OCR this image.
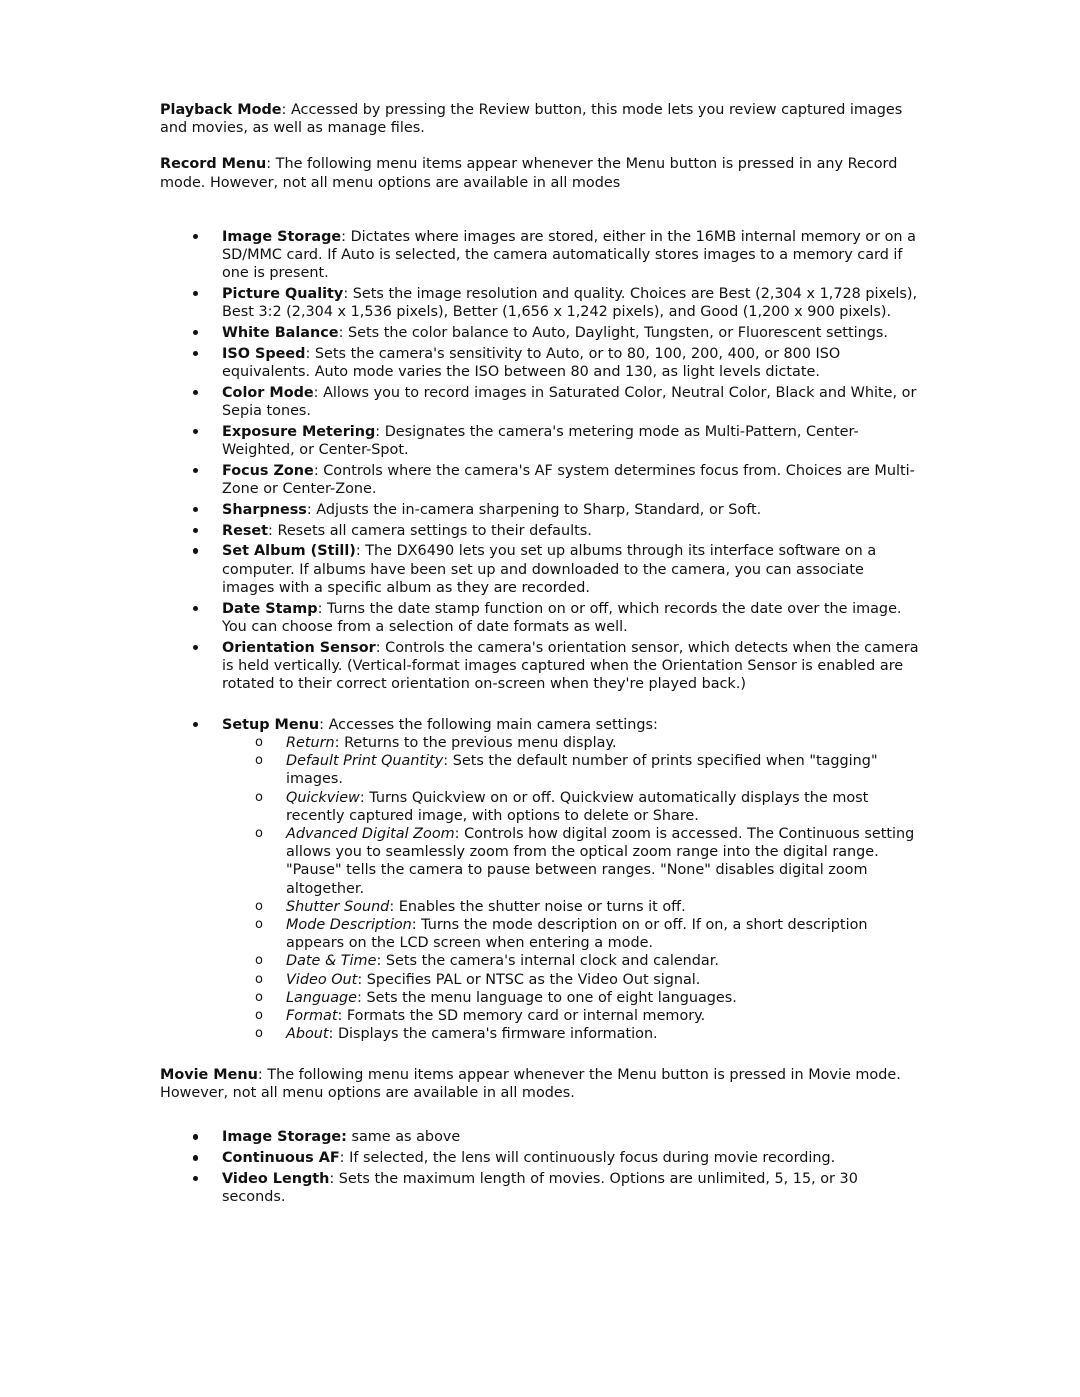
Playback Mode: Accessed by pressing the Review button, this mode lets you review captured images and movies, as well as manage files.

Record Menu: The following menu items appear whenever the Menu button is pressed in any Record mode. However, not all menu options are available in all modes

Image Storage: Dictates where images are stored, either in the 16MB internal memory or on a SD/MMC card. If Auto is selected, the camera automatically stores images to a memory card if one is present.
Picture Quality: Sets the image resolution and quality. Choices are Best (2,304 x 1,728 pixels), Best 3:2 (2,304 x 1,536 pixels), Better (1,656 x 1,242 pixels), and Good (1,200 x 900 pixels).
White Balance: Sets the color balance to Auto, Daylight, Tungsten, or Fluorescent settings.
ISO Speed: Sets the camera's sensitivity to Auto, or to 80, 100, 200, 400, or 800 ISO equivalents. Auto mode varies the ISO between 80 and 130, as light levels dictate.
Color Mode: Allows you to record images in Saturated Color, Neutral Color, Black and White, or Sepia tones.
Exposure Metering: Designates the camera's metering mode as Multi-Pattern, Center-Weighted, or Center-Spot.
Focus Zone: Controls where the camera's AF system determines focus from. Choices are Multi-Zone or Center-Zone.
Sharpness: Adjusts the in-camera sharpening to Sharp, Standard, or Soft.
Reset: Resets all camera settings to their defaults.
Set Album (Still): The DX6490 lets you set up albums through its interface software on a computer. If albums have been set up and downloaded to the camera, you can associate images with a specific album as they are recorded.
Date Stamp: Turns the date stamp function on or off, which records the date over the image. You can choose from a selection of date formats as well.
Orientation Sensor: Controls the camera's orientation sensor, which detects when the camera is held vertically. (Vertical-format images captured when the Orientation Sensor is enabled are rotated to their correct orientation on-screen when they're played back.)
Setup Menu: Accesses the following main camera settings:
o Return: Returns to the previous menu display.
o Default Print Quantity: Sets the default number of prints specified when "tagging" images.
o Quickview: Turns Quickview on or off. Quickview automatically displays the most recently captured image, with options to delete or Share.
o Advanced Digital Zoom: Controls how digital zoom is accessed. The Continuous setting allows you to seamlessly zoom from the optical zoom range into the digital range. "Pause" tells the camera to pause between ranges. "None" disables digital zoom altogether.
o Shutter Sound: Enables the shutter noise or turns it off.
o Mode Description: Turns the mode description on or off. If on, a short description appears on the LCD screen when entering a mode.
o Date & Time: Sets the camera's internal clock and calendar.
o Video Out: Specifies PAL or NTSC as the Video Out signal.
o Language: Sets the menu language to one of eight languages.
o Format: Formats the SD memory card or internal memory.
o About: Displays the camera's firmware information.

Movie Menu: The following menu items appear whenever the Menu button is pressed in Movie mode. However, not all menu options are available in all modes.

Image Storage: same as above
Continuous AF: If selected, the lens will continuously focus during movie recording.
Video Length: Sets the maximum length of movies. Options are unlimited, 5, 15, or 30 seconds.
